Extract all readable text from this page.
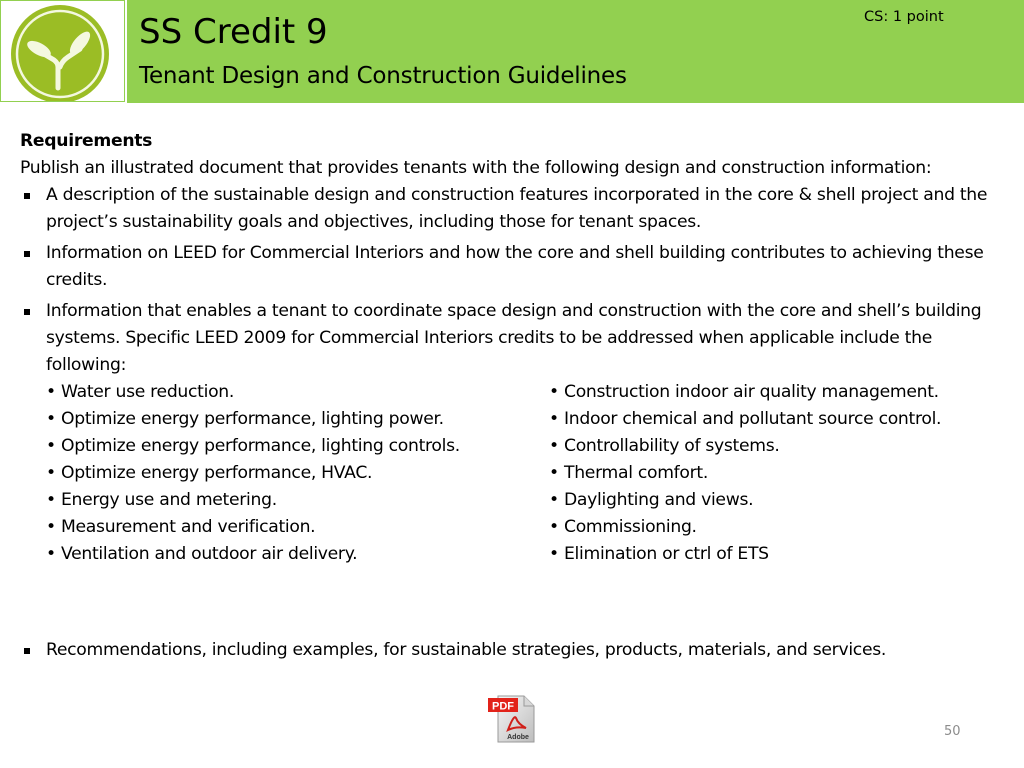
SS Credit 9
Tenant Design and Construction Guidelines
CS: 1 point
Requirements
Publish an illustrated document that provides tenants with the following design and construction information:
A description of the sustainable design and construction features incorporated in the core & shell project and the project’s sustainability goals and objectives, including those for tenant spaces.
Information on LEED for Commercial Interiors and how the core and shell building contributes to achieving these credits.
Information that enables a tenant to coordinate space design and construction with the core and shell’s building systems. Specific LEED 2009 for Commercial Interiors credits to be addressed when applicable include the following:
• Water use reduction.
• Optimize energy performance, lighting power.
• Optimize energy performance, lighting controls.
• Optimize energy performance, HVAC.
• Energy use and metering.
• Measurement and verification.
• Ventilation and outdoor air delivery.
• Construction indoor air quality management.
• Indoor chemical and pollutant source control.
• Controllability of systems.
• Thermal comfort.
• Daylighting and views.
• Commissioning.
• Elimination or ctrl of ETS
Recommendations, including examples, for sustainable strategies, products, materials, and services.
PDF
Adobe	50
